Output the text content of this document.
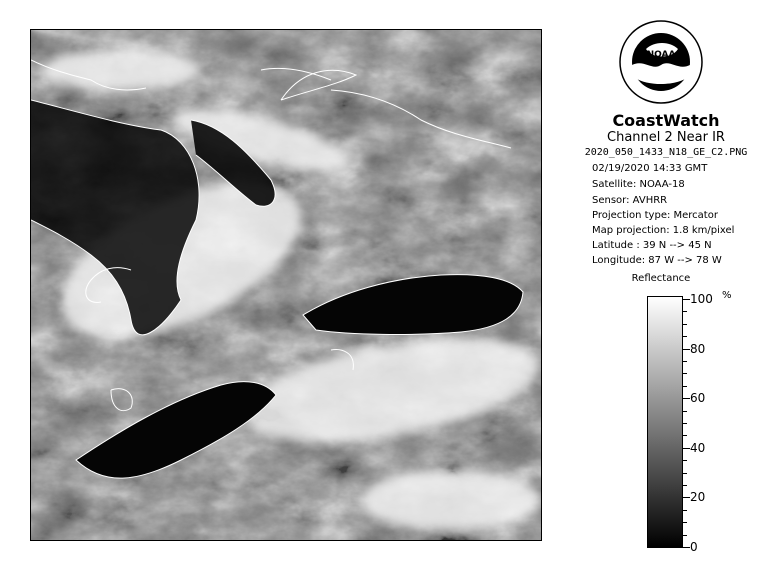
NOAA
CoastWatch
Channel 2 Near IR
2020_050_1433_N18_GE_C2.PNG
02/19/2020 14:33 GMT
Satellite: NOAA-18
Sensor: AVHRR
Projection type: Mercator
Map projection: 1.8 km/pixel
Latitude : 39 N --> 45 N
Longitude: 87 W --> 78 W
Reflectance
%
100
80
60
40
20
0
